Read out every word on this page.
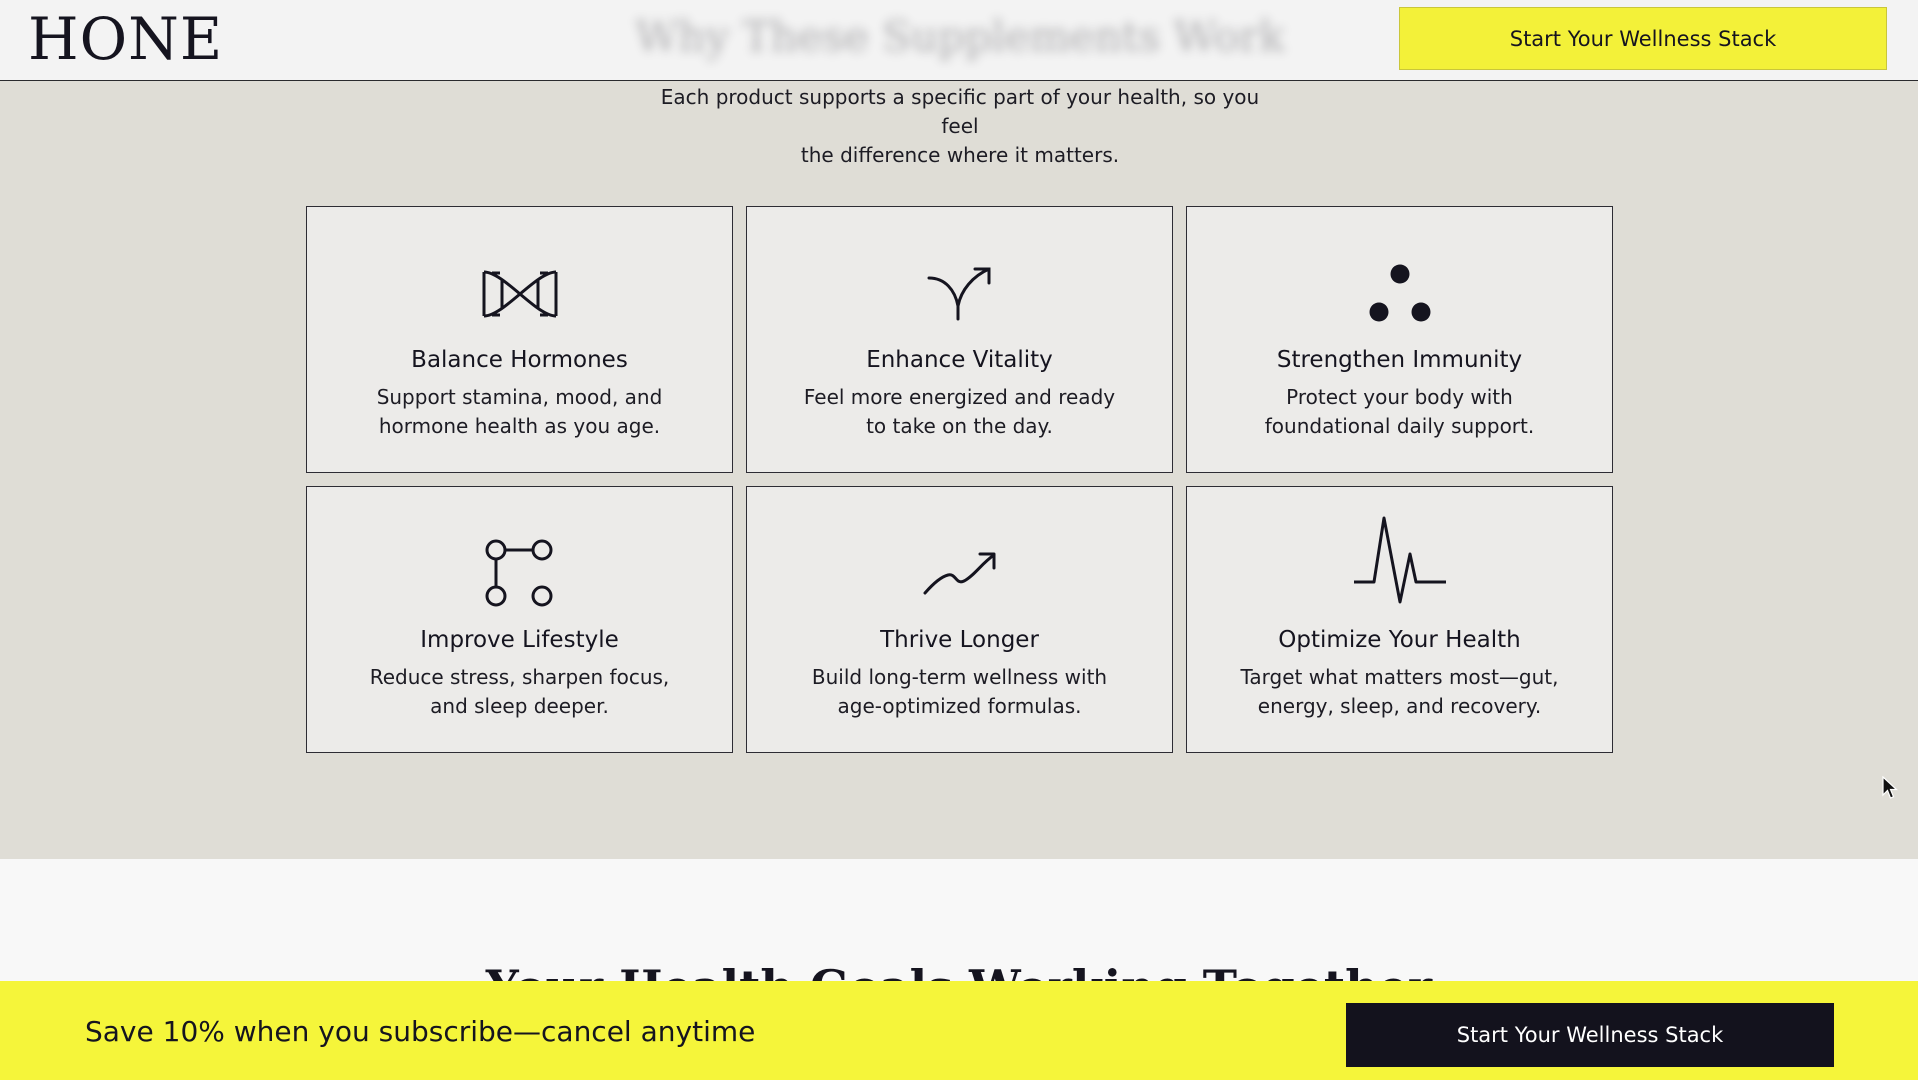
Each product supports a specific part of your health, so you feel
the difference where it matters.

Balance Hormones
Support stamina, mood, and
hormone health as you age.
Enhance Vitality
Feel more energized and ready
to take on the day.
Strengthen Immunity
Protect your body with
foundational daily support.
Improve Lifestyle
Reduce stress, sharpen focus,
and sleep deeper.
Thrive Longer
Build long-term wellness with
age-optimized formulas.
Optimize Your Health
Target what matters most—gut,
energy, sleep, and recovery.
HONE	Why These Supplements Work	Start Your Wellness Stack
Save 10% when you subscribe—cancel anytime	Start Your Wellness Stack
